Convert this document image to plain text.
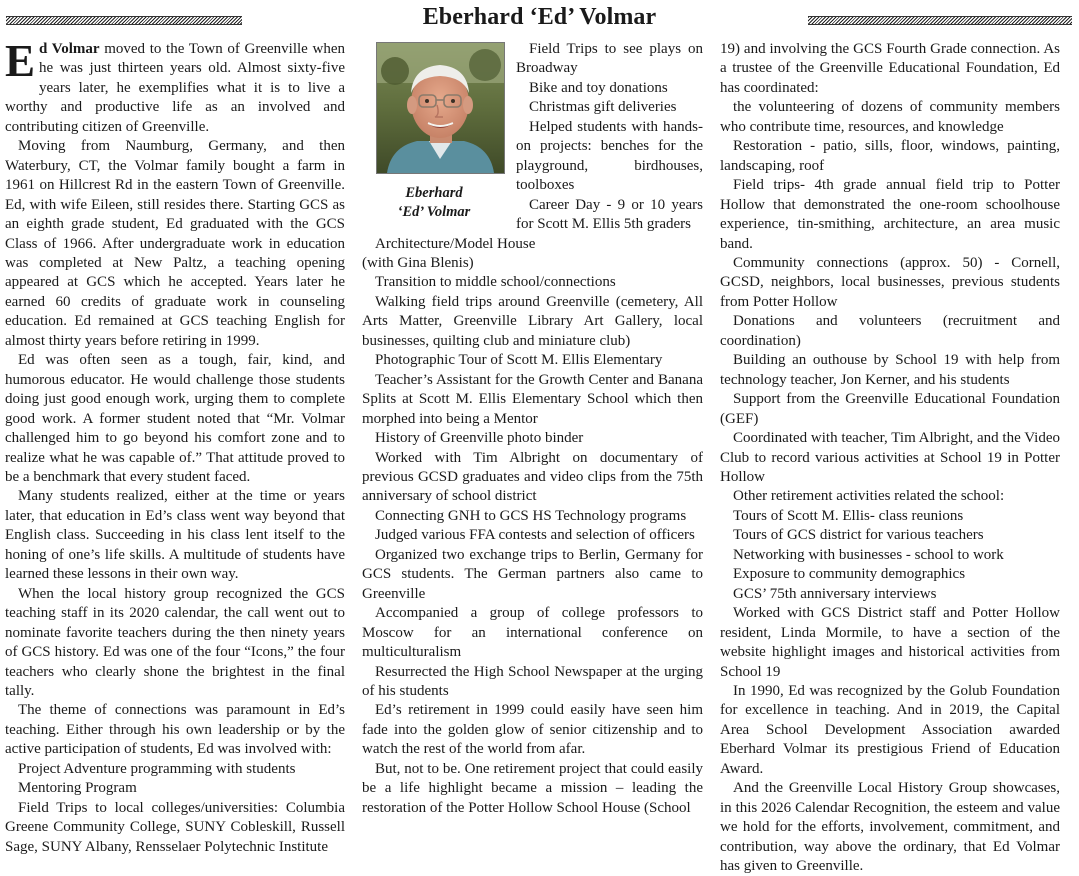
Eberhard ‘Ed’ Volmar

Ed Volmar moved to the Town of Greenville when he was just thirteen years old. Almost sixty-five years later, he exemplifies what it is to live a worthy and productive life as an involved and contributing citizen of Greenville.

Moving from Naumburg, Germany, and then Waterbury, CT, the Volmar family bought a farm in 1961 on Hillcrest Rd in the eastern Town of Greenville. Ed, with wife Eileen, still resides there. Starting GCS as an eighth grade student, Ed graduated with the GCS Class of 1966. After undergraduate work in education was completed at New Paltz, a teaching opening appeared at GCS which he accepted. Years later he earned 60 credits of graduate work in counseling education. Ed remained at GCS teaching English for almost thirty years before retiring in 1999.

Ed was often seen as a tough, fair, kind, and humorous educator. He would challenge those students doing just good enough work, urging them to complete good work. A former student noted that “Mr. Volmar challenged him to go beyond his comfort zone and to realize what he was capable of.” That attitude proved to be a benchmark that every student faced.

Many students realized, either at the time or years later, that education in Ed’s class went way beyond that English class. Succeeding in his class lent itself to the honing of one’s life skills. A multitude of students have learned these lessons in their own way.

When the local history group recognized the GCS teaching staff in its 2020 calendar, the call went out to nominate favorite teachers during the then ninety years of GCS history. Ed was one of the four “Icons,” the four teachers who clearly shone the brightest in the final tally.

The theme of connections was paramount in Ed’s teaching. Either through his own leadership or by the active participation of students, Ed was involved with:

Project Adventure programming with students

Mentoring Program

Field Trips to local colleges/universities: Columbia Greene Community College, SUNY Cobleskill, Russell Sage, SUNY Albany, Rensselaer Polytechnic Institute

Eberhard
‘Ed’ Volmar

Field Trips to see plays on Broadway

Bike and toy donations

Christmas gift deliveries

Helped students with hands-on projects: benches for the playground, birdhouses, toolboxes

Career Day - 9 or 10 years for Scott M. Ellis 5th graders

Architecture/Model House

(with Gina Blenis)

Transition to middle school/connections

Walking field trips around Greenville (cemetery, All Arts Matter, Greenville Library Art Gallery, local businesses, quilting club and miniature club)

Photographic Tour of Scott M. Ellis Elementary

Teacher’s Assistant for the Growth Center and Banana Splits at Scott M. Ellis Elementary School which then morphed into being a Mentor

History of Greenville photo binder

Worked with Tim Albright on documentary of previous GCSD graduates and video clips from the 75th anniversary of school district

Connecting GNH to GCS HS Technology programs

Judged various FFA contests and selection of officers

Organized two exchange trips to Berlin, Germany for GCS students. The German partners also came to Greenville

Accompanied a group of college professors to Moscow for an international conference on multiculturalism

Resurrected the High School Newspaper at the urging of his students

Ed’s retirement in 1999 could easily have seen him fade into the golden glow of senior citizenship and to watch the rest of the world from afar.

But, not to be. One retirement project that could easily be a life highlight became a mission – leading the restoration of the Potter Hollow School House (School

19) and involving the GCS Fourth Grade connection. As a trustee of the Greenville Educational Foundation, Ed has coordinated:

the volunteering of dozens of community members who contribute time, resources, and knowledge

Restoration - patio, sills, floor, windows, painting, landscaping, roof

Field trips- 4th grade annual field trip to Potter Hollow that demonstrated the one-room schoolhouse experience, tin-smithing, architecture, an area music band.

Community connections (approx. 50) - Cornell, GCSD, neighbors, local businesses, previous students from Potter Hollow

Donations and volunteers (recruitment and coordination)

Building an outhouse by School 19 with help from technology teacher, Jon Kerner, and his students

Support from the Greenville Educational Foundation (GEF)

Coordinated with teacher, Tim Albright, and the Video Club to record various activities at School 19 in Potter Hollow

Other retirement activities related the school:

Tours of Scott M. Ellis- class reunions

Tours of GCS district for various teachers

Networking with businesses - school to work

Exposure to community demographics

GCS’ 75th anniversary interviews

Worked with GCS District staff and Potter Hollow resident, Linda Mormile, to have a section of the website highlight images and historical activities from School 19

In 1990, Ed was recognized by the Golub Foundation for excellence in teaching. And in 2019, the Capital Area School Development Association awarded Eberhard Volmar its prestigious Friend of Education Award.

And the Greenville Local History Group showcases, in this 2026 Calendar Recognition, the esteem and value we hold for the efforts, involvement, commitment, and contribution, way above the ordinary, that Ed Volmar has given to Greenville.
